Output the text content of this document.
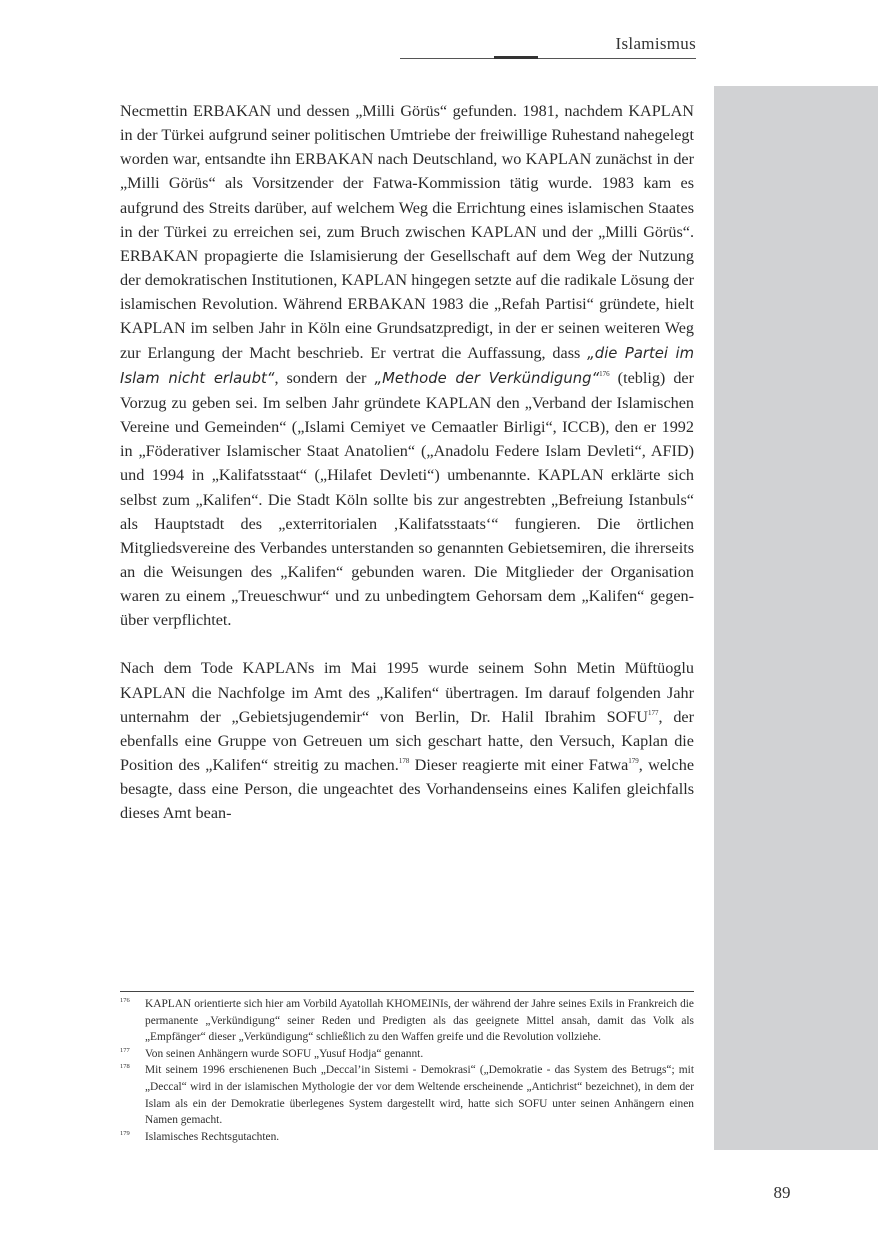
Islamismus

Necmettin ERBAKAN und dessen „Milli Görüs“ gefunden. 1981, nachdem KAPLAN in der Türkei aufgrund seiner politischen Umtriebe der freiwillige Ruhestand nahegelegt worden war, entsandte ihn ERBAKAN nach Deutschland, wo KAPLAN zunächst in der „Milli Görüs“ als Vorsitzender der Fatwa-Kommission tätig wurde. 1983 kam es aufgrund des Streits darüber, auf welchem Weg die Errichtung eines islamischen Staates in der Türkei zu erreichen sei, zum Bruch zwischen KAPLAN und der „Milli Görüs“. ERBAKAN propagierte die Islamisierung der Gesellschaft auf dem Weg der Nutzung der demokratischen Institutionen, KAPLAN hingegen setzte auf die radikale Lösung der islamischen Revolution. Während ERBAKAN 1983 die „Refah Partisi“ gründete, hielt KAPLAN im selben Jahr in Köln eine Grundsatzpredigt, in der er seinen weiteren Weg zur Erlangung der Macht beschrieb. Er vertrat die Auffassung, dass „die Partei im Islam nicht erlaubt“, sondern der „Methode der Verkündigung“$^{176}$ (teblig) der Vorzug zu geben sei. Im selben Jahr gründete KAPLAN den „Verband der Islamischen Vereine und Gemeinden“ („Islami Cemiyet ve Cemaatler Birligi“, ICCB), den er 1992 in „Föderativer Islamischer Staat Anatolien“ („Anadolu Federe Islam Devleti“, AFID) und 1994 in „Kalifatsstaat“ („Hilafet Devleti“) umbenannte. KAPLAN erklärte sich selbst zum „Kalifen“. Die Stadt Köln sollte bis zur angestrebten „Befreiung Istanbuls“ als Hauptstadt des „exterritorialen ‚Kalifatsstaats‘“ fungieren. Die örtlichen Mitgliedsvereine des Verbandes unterstanden so genannten Gebietsemiren, die ihrerseits an die Weisungen des „Kalifen“ gebunden waren. Die Mitglieder der Organisation waren zu einem „Treueschwur“ und zu unbedingtem Gehorsam dem „Kalifen“ gegenüber verpflichtet.

Nach dem Tode KAPLANs im Mai 1995 wurde seinem Sohn Metin Müftüoglu KAPLAN die Nachfolge im Amt des „Kalifen“ übertragen. Im darauf folgenden Jahr unternahm der „Gebietsjugendemir“ von Berlin, Dr. Halil Ibrahim SOFU$^{177}$, der ebenfalls eine Gruppe von Getreuen um sich geschart hatte, den Versuch, Kaplan die Position des „Kalifen“ streitig zu machen.$^{178}$ Dieser reagierte mit einer Fatwa$^{179}$, welche besagte, dass eine Person, die ungeachtet des Vorhandenseins eines Kalifen gleichfalls dieses Amt bean-

176	KAPLAN orientierte sich hier am Vorbild Ayatollah KHOMEINIs, der während der Jahre seines Exils in Frankreich die permanente „Verkündigung“ seiner Reden und Predigten als das geeignete Mittel ansah, damit das Volk als „Empfänger“ dieser „Verkündigung“ schließlich zu den Waffen greife und die Revolution vollziehe.
177	Von seinen Anhängern wurde SOFU „Yusuf Hodja“ genannt.
178	Mit seinem 1996 erschienenen Buch „Deccal’in Sistemi - Demokrasi“ („Demokratie - das System des Betrugs“; mit „Deccal“ wird in der islamischen Mythologie der vor dem Weltende erscheinende „Antichrist“ bezeichnet), in dem der Islam als ein der Demokratie überlegenes System dargestellt wird, hatte sich SOFU unter seinen Anhängern einen Namen gemacht.
179	Islamisches Rechtsgutachten.
89
